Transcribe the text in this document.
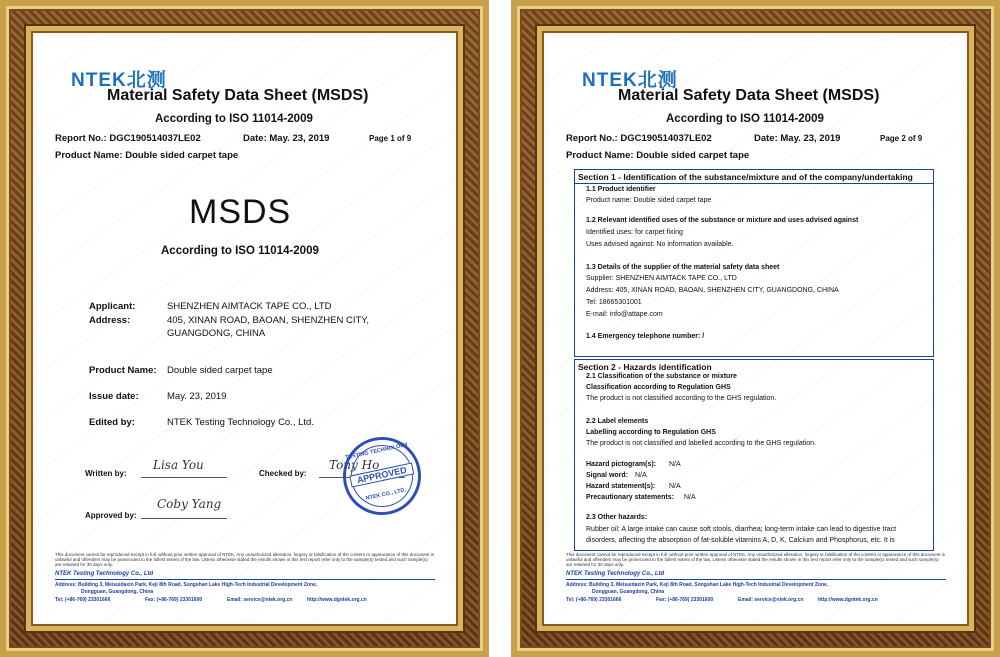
NTEK北测
Material Safety Data Sheet (MSDS)
According to ISO 11014-2009
Report No.: DGC190514037LE02	Date: May. 23, 2019	Page 1 of 9
Product Name: Double sided carpet tape
MSDS
According to ISO 11014-2009
Applicant:	SHENZHEN AIMTACK TAPE CO., LTD
Address:	405, XINAN ROAD, BAOAN, SHENZHEN CITY,
GUANGDONG, CHINA
Product Name: Double sided carpet tape
Issue date:	May. 23, 2019
Edited by:	NTEK Testing Technology Co., Ltd.
Written by:
Lisa You
Checked by:
Tony Ho
TESTING TECHNOLOGY
APPROVED
NTEK CO., LTD.
Approved by:
Coby Yang
This document cannot be reproduced except in full, without prior written approval of NTEK. Any unauthorized alteration, forgery or falsification of the content or appearance of this document is unlawful and offenders may be prosecuted to the fullest extent of the law. Unless otherwise stated the results shown in this test report refer only to the sample(s) tested and such sample(s) are retained for 30 days only.
NTEK Testing Technology Co., Ltd
Address: Building 3, Meisuidaxin Park, Keji 8th Road, Songshan Lake High-Tech Industrial Development Zone,
Dongguan, Guangdong, China
Tel: (+86-769) 23301666	Fax: (+86-769) 23301600	Email: service@ntek.org.cn	http://www.dgntek.org.cn
NTEK北测
Material Safety Data Sheet (MSDS)
According to ISO 11014-2009
Report No.: DGC190514037LE02	Date: May. 23, 2019	Page 2 of 9
Product Name: Double sided carpet tape
Section 1 - Identification of the substance/mixture and of the company/undertaking
1.1 Product identifier
Product name: Double sided carpet tape
1.2 Relevant identified uses of the substance or mixture and uses advised against
Identified uses: for carpet fixing
Uses advised against: No information available.
1.3 Details of the supplier of the material safety data sheet
Supplier: SHENZHEN AIMTACK TAPE CO., LTD
Address: 405, XINAN ROAD, BAOAN, SHENZHEN CITY, GUANGDONG, CHINA
Tel: 18665301001
E-mail: info@attape.com
1.4 Emergency telephone number: /
Section 2 - Hazards identification
2.1 Classification of the substance or mixture
Classification according to Regulation GHS
The product is not classified according to the GHS regulation.
2.2 Label elements
Labelling according to Regulation GHS
The product is not classified and labelled according to the GHS regulation.
Hazard pictogram(s): N/A
Signal word: N/A
Hazard statement(s): N/A
Precautionary statements: N/A
2.3 Other hazards:
Rubber oil: A large intake can cause soft stools, diarrhea; long-term intake can lead to digestive tract
disorders, affecting the absorption of fat-soluble vitamins A, D, K, Calcium and Phosphorus, etc. It is
This document cannot be reproduced except in full, without prior written approval of NTEK. Any unauthorized alteration, forgery or falsification of the content or appearance of this document is unlawful and offenders may be prosecuted to the fullest extent of the law. Unless otherwise stated the results shown in this test report refer only to the sample(s) tested and such sample(s) are retained for 30 days only.
NTEK Testing Technology Co., Ltd
Address: Building 3, Meisuidaxin Park, Keji 8th Road, Songshan Lake High-Tech Industrial Development Zone,
Dongguan, Guangdong, China
Tel: (+86-769) 23301666	Fax: (+86-769) 23301600	Email: service@ntek.org.cn	http://www.dgntek.org.cn
